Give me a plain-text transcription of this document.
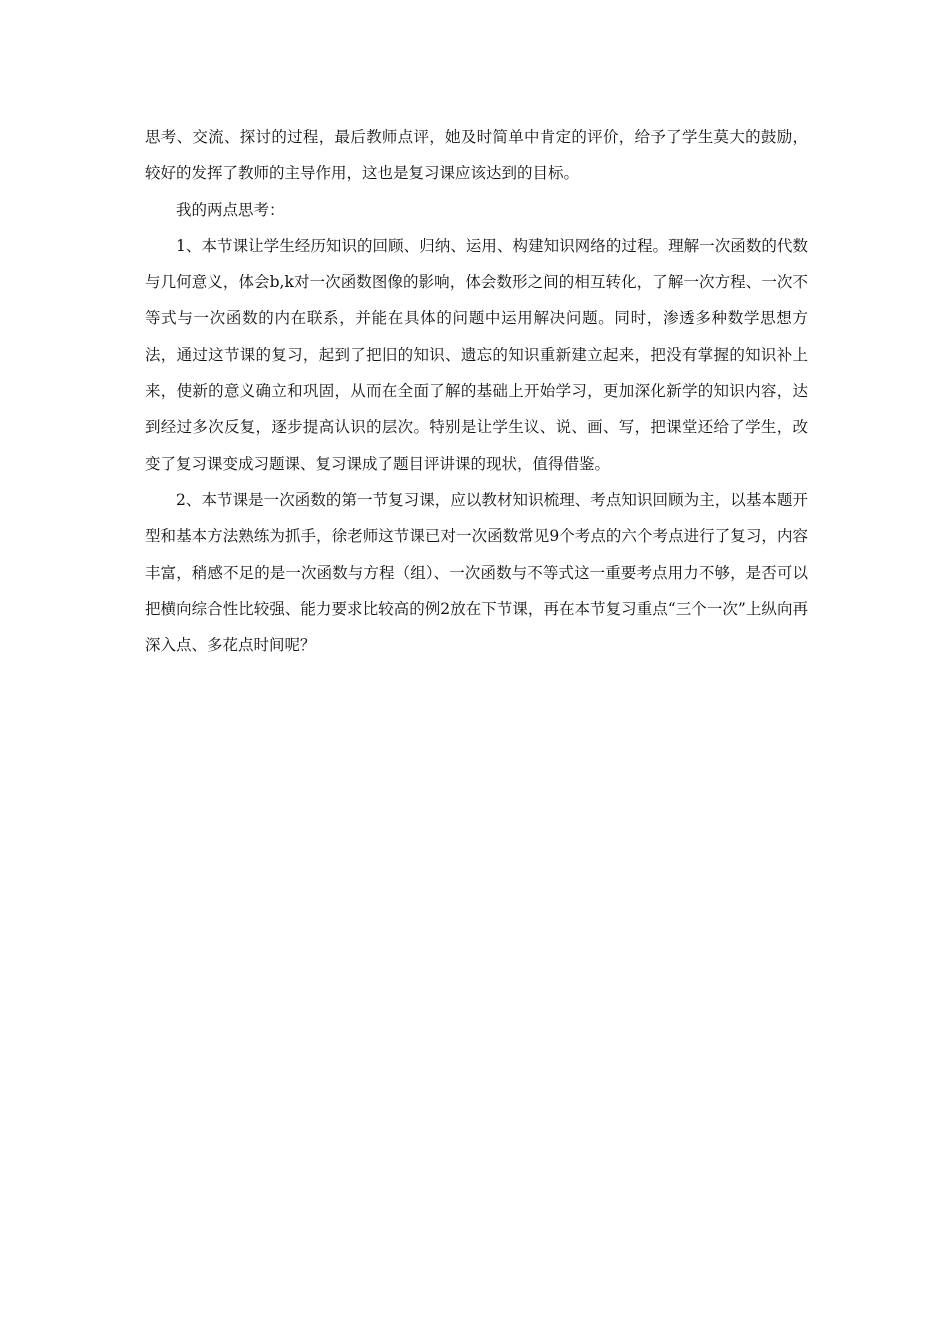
思考、交流、探讨的过程，最后教师点评，她及时简单中肯定的评价，给予了学生莫大的鼓励，较好的发挥了教师的主导作用，这也是复习课应该达到的目标。

我的两点思考：

1、本节课让学生经历知识的回顾、归纳、运用、构建知识网络的过程。理解一次函数的代数与几何意义，体会b,k对一次函数图像的影响，体会数形之间的相互转化，了解一次方程、一次不等式与一次函数的内在联系，并能在具体的问题中运用解决问题。同时，渗透多种数学思想方法，通过这节课的复习，起到了把旧的知识、遗忘的知识重新建立起来，把没有掌握的知识补上来，使新的意义确立和巩固，从而在全面了解的基础上开始学习，更加深化新学的知识内容，达到经过多次反复，逐步提高认识的层次。特别是让学生议、说、画、写，把课堂还给了学生，改变了复习课变成习题课、复习课成了题目评讲课的现状，值得借鉴。

2、本节课是一次函数的第一节复习课，应以教材知识梳理、考点知识回顾为主，以基本题开型和基本方法熟练为抓手，徐老师这节课已对一次函数常见9个考点的六个考点进行了复习，内容丰富，稍感不足的是一次函数与方程（组）、一次函数与不等式这一重要考点用力不够，是否可以把横向综合性比较强、能力要求比较高的例2放在下节课，再在本节复习重点“三个一次”上纵向再深入点、多花点时间呢？
